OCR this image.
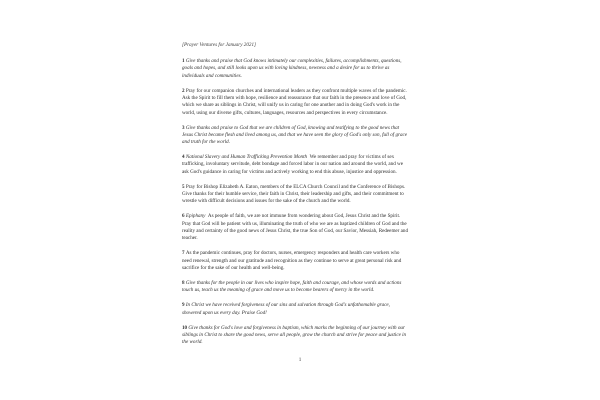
[Prayer Ventures for January 2021]

1 Give thanks and praise that God knows intimately our complexities, failures, accomplishments, questions, goals and hopes, and still looks upon us with loving kindness, newness and a desire for us to thrive as individuals and communities.

2 Pray for our companion churches and international leaders as they confront multiple waves of the pandemic. Ask the Spirit to fill them with hope, resilience and reassurance that our faith in the presence and love of God, which we share as siblings in Christ, will unify us in caring for one another and in doing God's work in the world, using our diverse gifts, cultures, languages, resources and perspectives in every circumstance.

3 Give thanks and praise to God that we are children of God, knowing and testifying to the good news that Jesus Christ became flesh and lived among us, and that we have seen the glory of God's only son, full of grace and truth for the world.

4 National Slavery and Human Trafficking Prevention Month We remember and pray for victims of sex trafficking, involuntary servitude, debt bondage and forced labor in our nation and around the world, and we ask God's guidance in caring for victims and actively working to end this abuse, injustice and oppression.

5 Pray for Bishop Elizabeth A. Eaton, members of the ELCA Church Council and the Conference of Bishops. Give thanks for their humble service, their faith in Christ, their leadership and gifts, and their commitment to wrestle with difficult decisions and issues for the sake of the church and the world.

6 Epiphany As people of faith, we are not immune from wondering about God, Jesus Christ and the Spirit. Pray that God will be patient with us, illuminating the truth of who we are as baptized children of God and the reality and certainty of the good news of Jesus Christ, the true Son of God, our Savior, Messiah, Redeemer and teacher.

7 As the pandemic continues, pray for doctors, nurses, emergency responders and health care workers who need renewal, strength and our gratitude and recognition as they continue to serve at great personal risk and sacrifice for the sake of our health and well-being.

8 Give thanks for the people in our lives who inspire hope, faith and courage, and whose words and actions touch us, teach us the meaning of grace and move us to become bearers of mercy in the world.

9 In Christ we have received forgiveness of our sins and salvation through God's unfathomable grace, showered upon us every day. Praise God!

10 Give thanks for God's love and forgiveness in baptism, which marks the beginning of our journey with our siblings in Christ to share the good news, serve all people, grow the church and strive for peace and justice in the world.

1
